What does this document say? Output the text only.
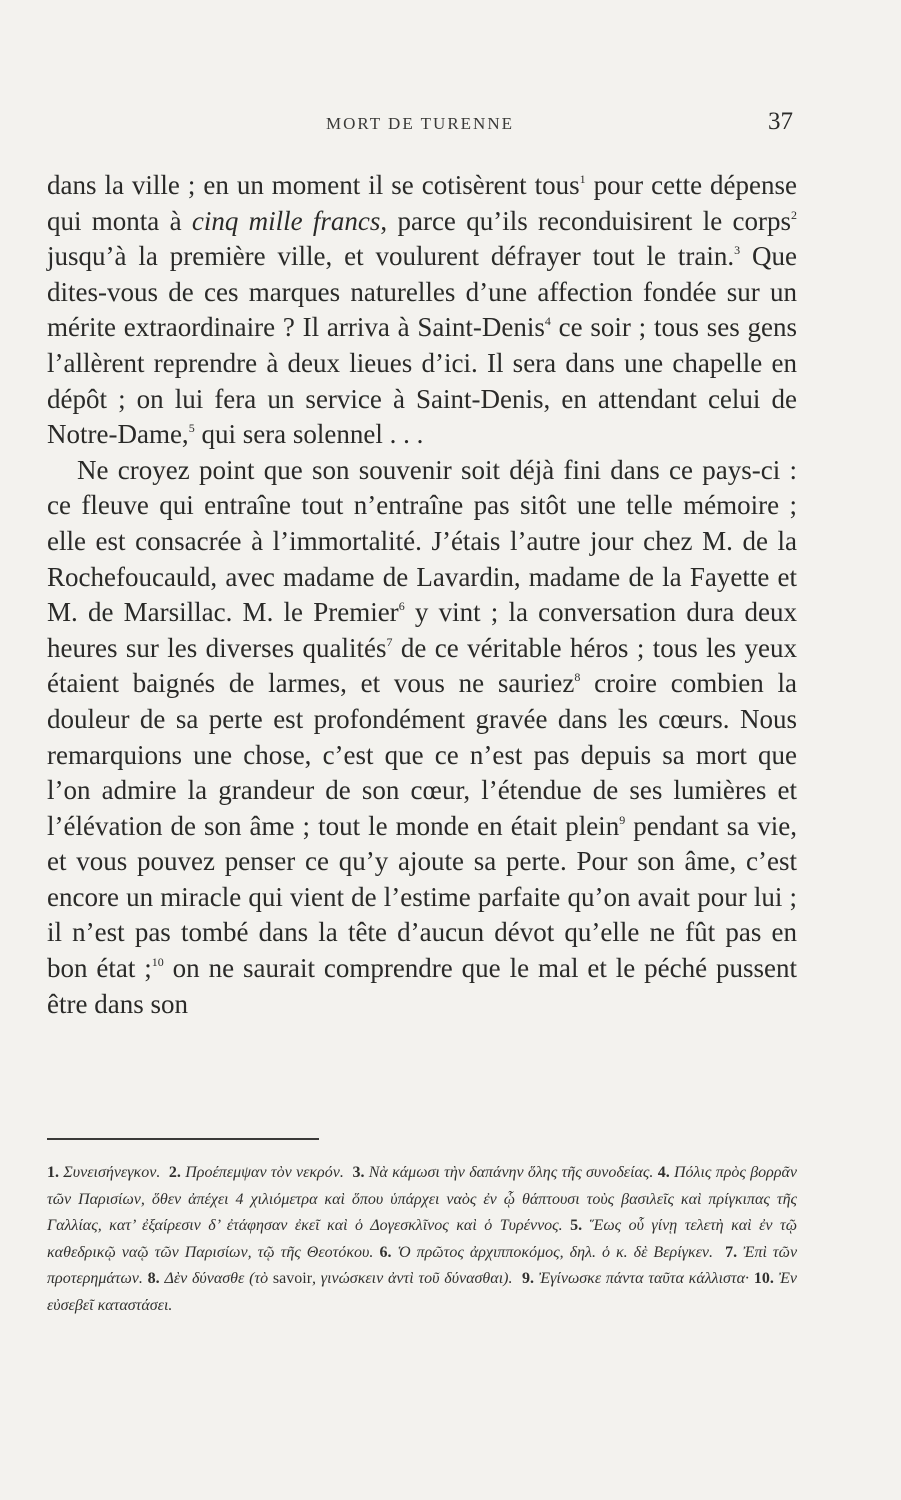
MORT DE TURENNE	37

dans la ville ; en un moment il se cotisèrent tous$^1$ pour cette dépense qui monta à cinq mille francs, parce qu’ils reconduisirent le corps$^2$ jusqu’à la première ville, et voulurent défrayer tout le train.$^3$ Que dites-vous de ces marques naturelles d’une affection fondée sur un mérite extraordinaire ? Il arriva à Saint-Denis$^4$ ce soir ; tous ses gens l’allèrent reprendre à deux lieues d’ici. Il sera dans une chapelle en dépôt ; on lui fera un service à Saint-Denis, en attendant celui de Notre-Dame,$^5$ qui sera solennel . . .

Ne croyez point que son souvenir soit déjà fini dans ce pays-ci : ce fleuve qui entraîne tout n’entraîne pas sitôt une telle mémoire ; elle est consacrée à l’immortalité. J’étais l’autre jour chez M. de la Rochefoucauld, avec madame de Lavardin, madame de la Fayette et M. de Marsillac. M. le Premier$^6$ y vint ; la conversation dura deux heures sur les diverses qualités$^7$ de ce véritable héros ; tous les yeux étaient baignés de larmes, et vous ne sauriez$^8$ croire combien la douleur de sa perte est profondément gravée dans les cœurs. Nous remarquions une chose, c’est que ce n’est pas depuis sa mort que l’on admire la grandeur de son cœur, l’étendue de ses lumières et l’élévation de son âme ; tout le monde en était plein$^9$ pendant sa vie, et vous pouvez penser ce qu’y ajoute sa perte. Pour son âme, c’est encore un miracle qui vient de l’estime parfaite qu’on avait pour lui ; il n’est pas tombé dans la tête d’aucun dévot qu’elle ne fût pas en bon état ;$^{10}$ on ne saurait comprendre que le mal et le péché pussent être dans son

1. Συνεισήνεγκον. 2. Προέπεμψαν τὸν νεκρόν. 3. Νὰ κάμωσι τὴν δαπάνην ὅλης τῆς συνοδείας. 4. Πόλις πρὸς βορρᾶν τῶν Παρισίων, ὅθεν ἀπέχει 4 χιλιόμετρα καὶ ὅπου ὑπάρχει ναὸς ἐν ᾧ θάπτουσι τοὺς βασιλεῖς καὶ πρίγκιπας τῆς Γαλλίας, κατ’ ἐξαίρεσιν δ’ ἐτάφησαν ἐκεῖ καὶ ὁ Δογεσκλῖνος καὶ ὁ Τυρέννος. 5. Ἕως οὗ γίνῃ τελετὴ καὶ ἐν τῷ καθεδρικῷ ναῷ τῶν Παρισίων, τῷ τῆς Θεοτόκου. 6. Ὁ πρῶτος ἀρχιπποκόμος, δηλ. ὁ κ. δὲ Βερίγκεν. 7. Ἐπὶ τῶν προτερημάτων. 8. Δὲν δύνασθε (τὸ savoir, γινώσκειν ἀντὶ τοῦ δύνασθαι). 9. Ἐγίνωσκε πάντα ταῦτα κάλλιστα· 10. Ἐν εὐσεβεῖ καταστάσει.
